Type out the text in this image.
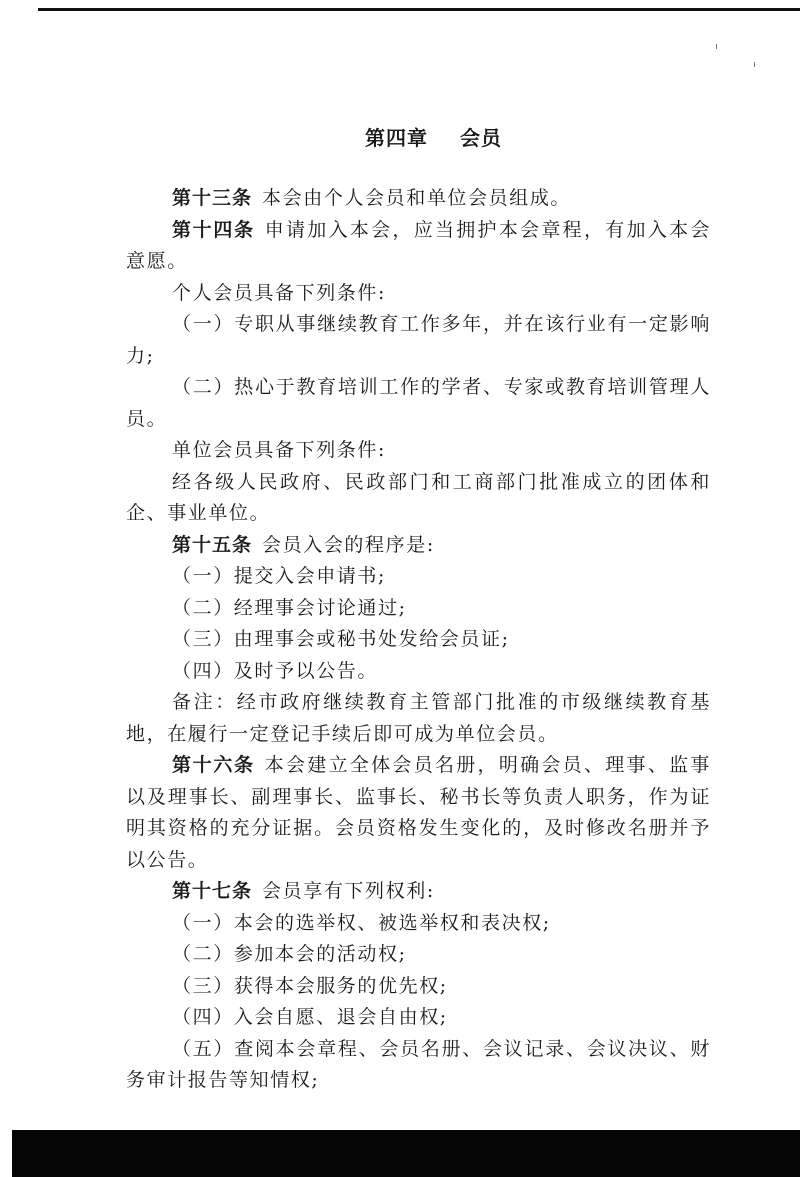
第四章 会员

第十三条 本会由个人会员和单位会员组成。

第十四条 申请加入本会，应当拥护本会章程，有加入本会意愿。

个人会员具备下列条件:

（一）专职从事继续教育工作多年，并在该行业有一定影响力;

（二）热心于教育培训工作的学者、专家或教育培训管理人员。

单位会员具备下列条件:

经各级人民政府、民政部门和工商部门批准成立的团体和企、事业单位。

第十五条 会员入会的程序是:

（一）提交入会申请书;

（二）经理事会讨论通过;

（三）由理事会或秘书处发给会员证;

（四）及时予以公告。

备注：经市政府继续教育主管部门批准的市级继续教育基地，在履行一定登记手续后即可成为单位会员。

第十六条 本会建立全体会员名册，明确会员、理事、监事以及理事长、副理事长、监事长、秘书长等负责人职务，作为证明其资格的充分证据。会员资格发生变化的，及时修改名册并予以公告。

第十七条 会员享有下列权利:

（一）本会的选举权、被选举权和表决权;

（二）参加本会的活动权;

（三）获得本会服务的优先权;

（四）入会自愿、退会自由权;

（五）查阅本会章程、会员名册、会议记录、会议决议、财务审计报告等知情权;
